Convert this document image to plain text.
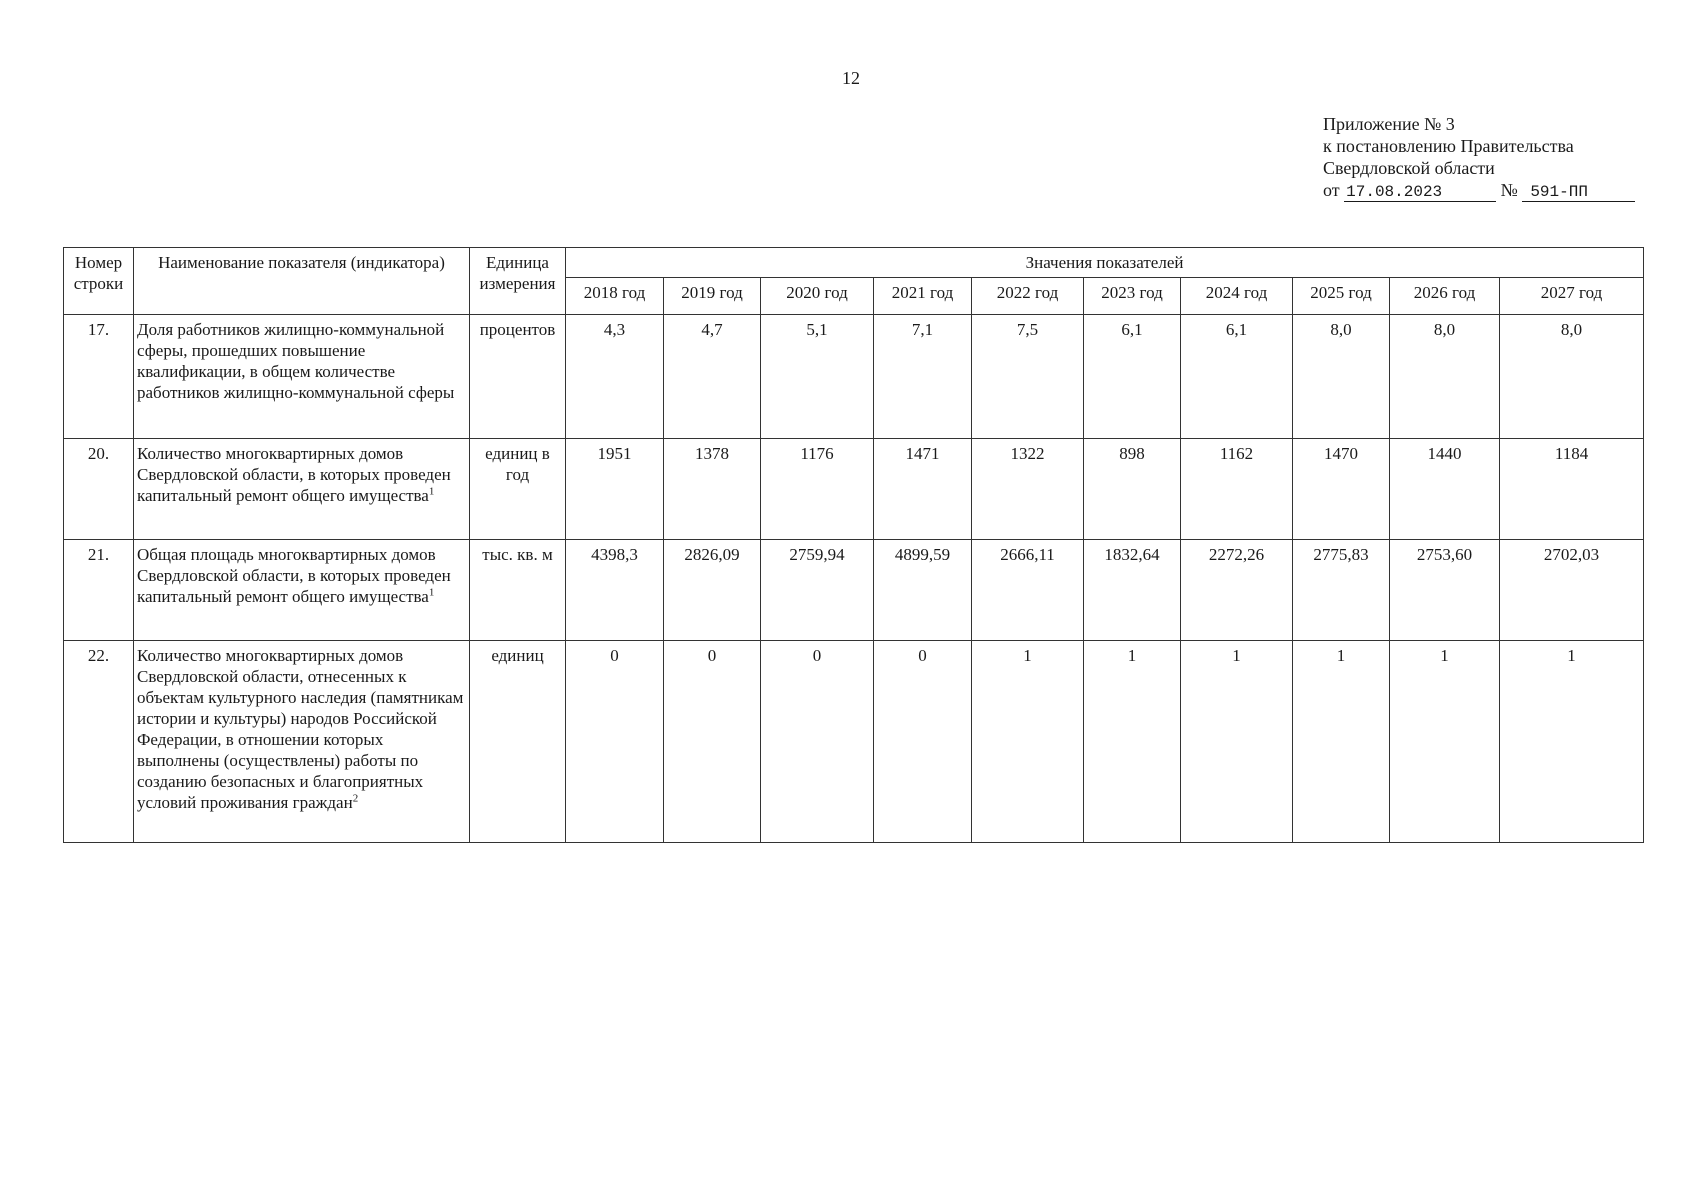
12
Приложение № 3
к постановлению Правительства
Свердловской области
от 17.08.2023	№ 591-ПП
Номер строки	Наименование показателя (индикатора)	Единица измерения	Значения показателей									
			2018 год	2019 год	2020 год	2021 год	2022 год	2023 год	2024 год	2025 год	2026 год	2027 год
17.	Доля работников жилищно-коммунальной сферы, прошедших повышение квалификации, в общем количестве работников жилищно-коммунальной сферы	процентов	4,3	4,7	5,1	7,1	7,5	6,1	6,1	8,0	8,0	8,0
20.	Количество многоквартирных домов Свердловской области, в которых проведен капитальный ремонт общего имущества$^1$	единиц в год	1951	1378	1176	1471	1322	898	1162	1470	1440	1184
21.	Общая площадь многоквартирных домов Свердловской области, в которых проведен капитальный ремонт общего имущества$^1$	тыс. кв. м	4398,3	2826,09	2759,94	4899,59	2666,11	1832,64	2272,26	2775,83	2753,60	2702,03
22.	Количество многоквартирных домов Свердловской области, отнесенных к объектам культурного наследия (памятникам истории и культуры) народов Российской Федерации, в отношении которых выполнены (осуществлены) работы по созданию безопасных и благоприятных условий проживания граждан$^2$	единиц	0	0	0	0	1	1	1	1	1	1
